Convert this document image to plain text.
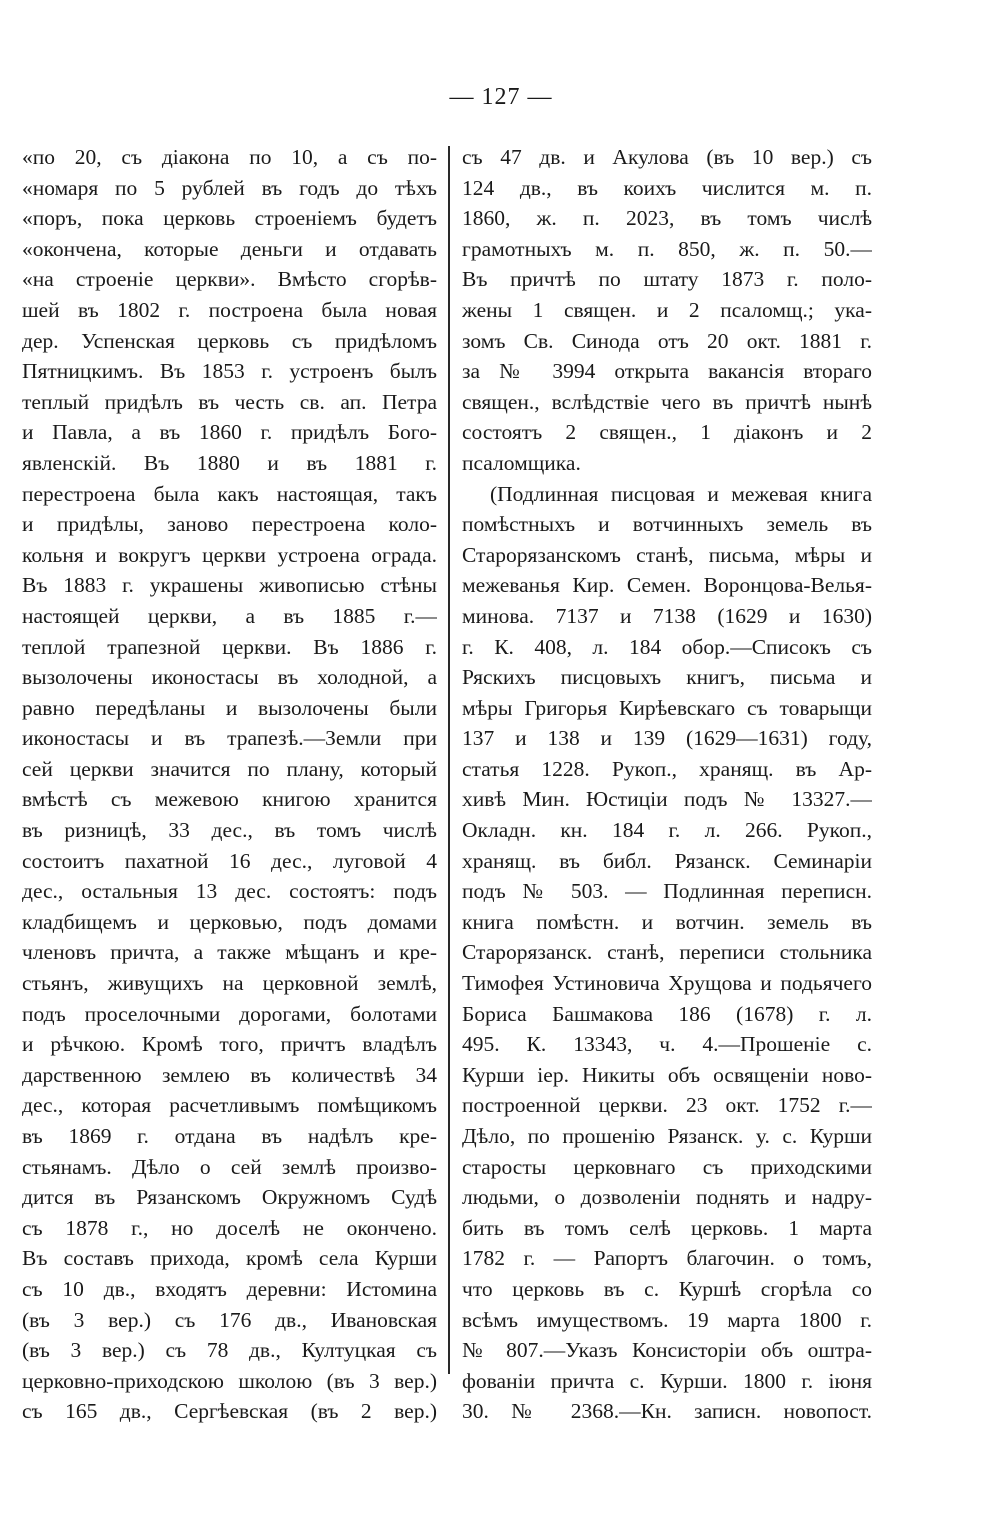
— 127 —
«по 20, съ діакона по 10, а съ по-
«номаря по 5 рублей въ годъ до тѣхъ
«поръ, пока церковь строеніемъ будетъ
«окончена, которые деньги и отдавать
«на строеніе церкви». Вмѣсто сгорѣв-
шей въ 1802 г. построена была новая
дер. Успенская церковь съ придѣломъ
Пятницкимъ. Въ 1853 г. устроенъ былъ
теплый придѣлъ въ честь св. ап. Петра
и Павла, а въ 1860 г. придѣлъ Бого-
явленскій. Въ 1880 и въ 1881 г.
перестроена была какъ настоящая, такъ
и придѣлы, заново перестроена коло-
кольня и вокругъ церкви устроена ограда.
Въ 1883 г. украшены живописью стѣны
настоящей церкви, а въ 1885 г.—
теплой трапезной церкви. Въ 1886 г.
вызолочены иконостасы въ холодной, а
равно передѣланы и вызолочены были
иконостасы и въ трапезѣ.—Земли при
сей церкви значится по плану, который
вмѣстѣ съ межевою книгою хранится
въ ризницѣ, 33 дес., въ томъ числѣ
состоитъ пахатной 16 дес., луговой 4
дес., остальныя 13 дес. состоятъ: подъ
кладбищемъ и церковью, подъ домами
членовъ причта, а также мѣщанъ и кре-
стьянъ, живущихъ на церковной землѣ,
подъ проселочными дорогами, болотами
и рѣчкою. Кромѣ того, причтъ владѣлъ
дарственною землею въ количествѣ 34
дес., которая расчетливымъ помѣщикомъ
въ 1869 г. отдана въ надѣлъ кре-
стьянамъ. Дѣло о сей землѣ произво-
дится въ Рязанскомъ Окружномъ Судѣ
съ 1878 г., но доселѣ не окончено.
Въ составъ прихода, кромѣ села Курши
съ 10 дв., входятъ деревни: Истомина
(въ 3 вер.) съ 176 дв., Ивановская
(въ 3 вер.) съ 78 дв., Култуцкая съ
церковно-приходскою школою (въ 3 вер.)
съ 165 дв., Сергѣевская (въ 2 вер.)
съ 47 дв. и Акулова (въ 10 вер.) съ
124 дв., въ коихъ числится м. п.
1860, ж. п. 2023, въ томъ числѣ
грамотныхъ м. п. 850, ж. п. 50.—
Въ причтѣ по штату 1873 г. поло-
жены 1 священ. и 2 псаломщ.; ука-
зомъ Св. Синода отъ 20 окт. 1881 г.
за № 3994 открыта вакансія втораго
священ., вслѣдствіе чего въ причтѣ нынѣ
состоятъ 2 священ., 1 діаконъ и 2
псаломщика.
(Подлинная писцовая и межевая книга
помѣстныхъ и вотчинныхъ земель въ
Старорязанскомъ станѣ, письма, мѣры и
межеванья Кир. Семен. Воронцова-Велья-
минова. 7137 и 7138 (1629 и 1630)
г. К. 408, л. 184 обор.—Списокъ съ
Ряскихъ писцовыхъ книгъ, письма и
мѣры Григорья Кирѣевскаго съ товарыщи
137 и 138 и 139 (1629—1631) году,
статья 1228. Рукоп., хранящ. въ Ар-
хивѣ Мин. Юстиціи подъ № 13327.—
Окладн. кн. 184 г. л. 266. Рукоп.,
хранящ. въ библ. Рязанск. Семинаріи
подъ № 503. — Подлинная переписн.
книга помѣстн. и вотчин. земель въ
Старорязанск. станѣ, переписи стольника
Тимофея Устиновича Хрущова и подьячего
Бориса Башмакова 186 (1678) г. л.
495. К. 13343, ч. 4.—Прошеніе с.
Курши іер. Никиты объ освященіи ново-
построенной церкви. 23 окт. 1752 г.—
Дѣло, по прошенію Рязанск. у. с. Курши
старосты церковнаго съ приходскими
людьми, о дозволеніи поднять и надру-
бить въ томъ селѣ церковь. 1 марта
1782 г. — Рапортъ благочин. о томъ,
что церковь въ с. Куршѣ сгорѣла со
всѣмъ имуществомъ. 19 марта 1800 г.
№ 807.—Указъ Консисторіи объ оштра-
фованіи причта с. Курши. 1800 г. іюня
30. № 2368.—Кн. записн. новопост.
